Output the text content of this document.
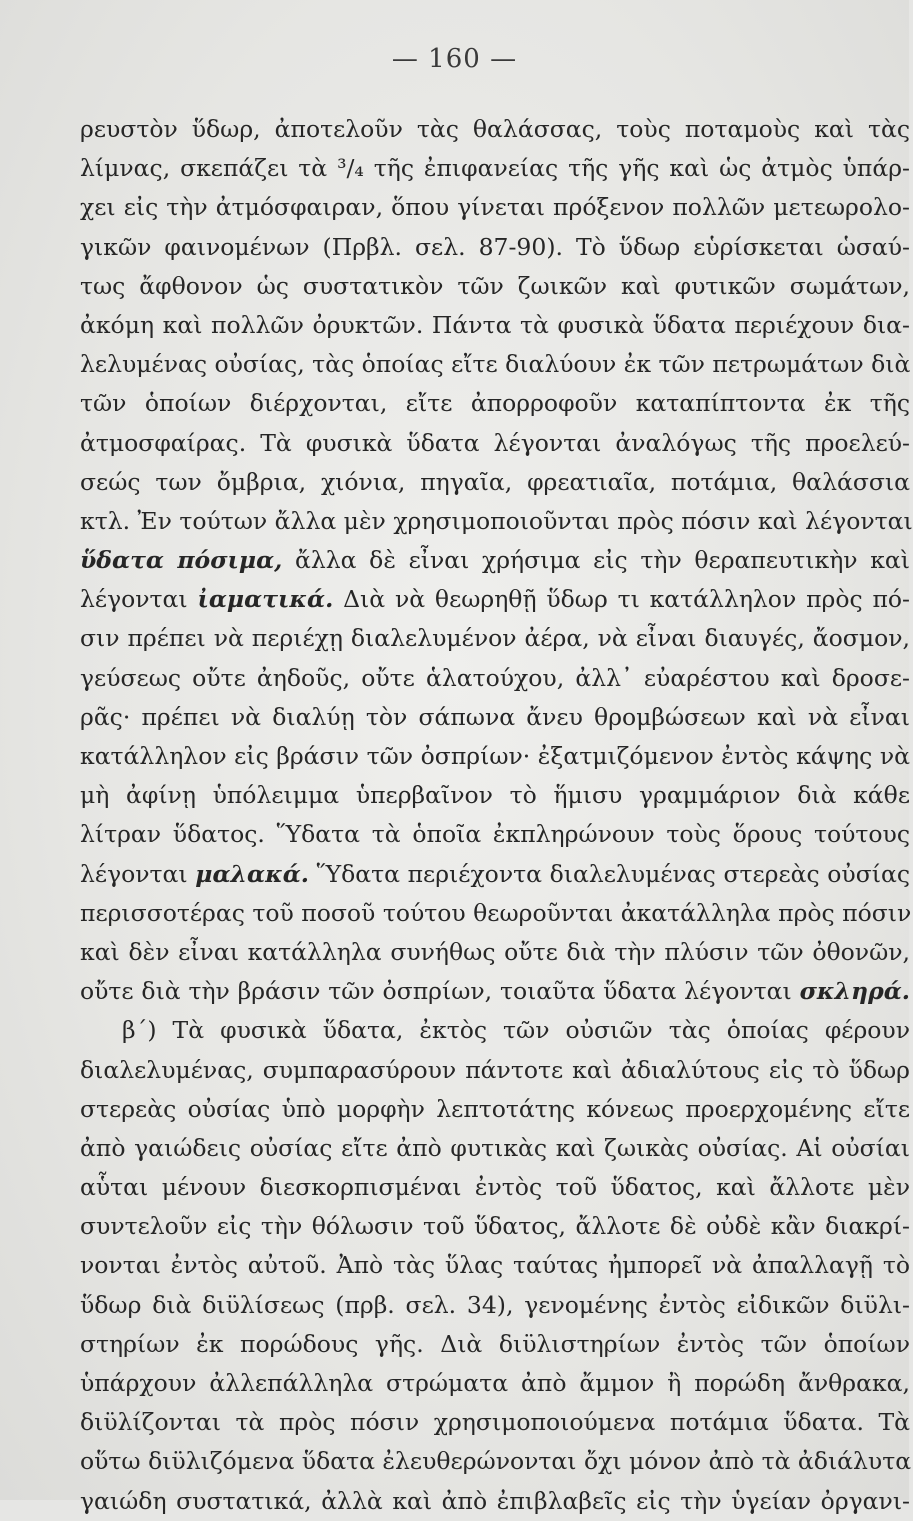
— 160 —
ρευστὸν ὕδωρ, ἀποτελοῦν τὰς θαλάσσας, τοὺς ποταμοὺς καὶ τὰς
λίμνας, σκεπάζει τὰ ³/₄ τῆς ἐπιφανείας τῆς γῆς καὶ ὡς ἀτμὸς ὑπάρ-
χει εἰς τὴν ἀτμόσφαιραν, ὅπου γίνεται πρόξενον πολλῶν μετεωρολο-
γικῶν φαινομένων (Πρβλ. σελ. 87-90). Τὸ ὕδωρ εὑρίσκεται ὡσαύ-
τως ἄφθονον ὡς συστατικὸν τῶν ζωικῶν καὶ φυτικῶν σωμάτων,
ἀκόμη καὶ πολλῶν ὀρυκτῶν. Πάντα τὰ φυσικὰ ὕδατα περιέχουν δια-
λελυμένας οὐσίας, τὰς ὁποίας εἴτε διαλύουν ἐκ τῶν πετρωμάτων διὰ
τῶν ὁποίων διέρχονται, εἴτε ἀπορροφοῦν καταπίπτοντα ἐκ τῆς
ἀτμοσφαίρας. Τὰ φυσικὰ ὕδατα λέγονται ἀναλόγως τῆς προελεύ-
σεώς των ὄμβρια, χιόνια, πηγαῖα, φρεατιαῖα, ποτάμια, θαλάσσια
κτλ. Ἐν τούτων ἄλλα μὲν χρησιμοποιοῦνται πρὸς πόσιν καὶ λέγονται
ὕδατα πόσιμα, ἄλλα δὲ εἶναι χρήσιμα εἰς τὴν θεραπευτικὴν καὶ
λέγονται ἰαματικά. Διὰ νὰ θεωρηθῇ ὕδωρ τι κατάλληλον πρὸς πό-
σιν πρέπει νὰ περιέχῃ διαλελυμένον ἀέρα, νὰ εἶναι διαυγές, ἄοσμον,
γεύσεως οὔτε ἀηδοῦς, οὔτε ἁλατούχου, ἀλλ᾽ εὐαρέστου καὶ δροσε-
ρᾶς· πρέπει νὰ διαλύῃ τὸν σάπωνα ἄνευ θρομβώσεων καὶ νὰ εἶναι
κατάλληλον εἰς βράσιν τῶν ὀσπρίων· ἐξατμιζόμενον ἐντὸς κάψης νὰ
μὴ ἀφίνῃ ὑπόλειμμα ὑπερβαῖνον τὸ ἥμισυ γραμμάριον διὰ κάθε
λίτραν ὕδατος. Ὕδατα τὰ ὁποῖα ἐκπληρώνουν τοὺς ὅρους τούτους
λέγονται μαλακά. Ὕδατα περιέχοντα διαλελυμένας στερεὰς οὐσίας
περισσοτέρας τοῦ ποσοῦ τούτου θεωροῦνται ἀκατάλληλα πρὸς πόσιν
καὶ δὲν εἶναι κατάλληλα συνήθως οὔτε διὰ τὴν πλύσιν τῶν ὀθονῶν,
οὔτε διὰ τὴν βράσιν τῶν ὀσπρίων, τοιαῦτα ὕδατα λέγονται σκληρά.
β΄) Τὰ φυσικὰ ὕδατα, ἐκτὸς τῶν οὐσιῶν τὰς ὁποίας φέρουν
διαλελυμένας, συμπαρασύρουν πάντοτε καὶ ἀδιαλύτους εἰς τὸ ὕδωρ
στερεὰς οὐσίας ὑπὸ μορφὴν λεπτοτάτης κόνεως προερχομένης εἴτε
ἀπὸ γαιώδεις οὐσίας εἴτε ἀπὸ φυτικὰς καὶ ζωικὰς οὐσίας. Αἱ οὐσίαι
αὗται μένουν διεσκορπισμέναι ἐντὸς τοῦ ὕδατος, καὶ ἄλλοτε μὲν
συντελοῦν εἰς τὴν θόλωσιν τοῦ ὕδατος, ἄλλοτε δὲ οὐδὲ κἂν διακρί-
νονται ἐντὸς αὐτοῦ. Ἀπὸ τὰς ὕλας ταύτας ἠμπορεῖ νὰ ἀπαλλαγῇ τὸ
ὕδωρ διὰ διϋλίσεως (πρβ. σελ. 34), γενομένης ἐντὸς εἰδικῶν διϋλι-
στηρίων ἐκ πορώδους γῆς. Διὰ διϋλιστηρίων ἐντὸς τῶν ὁποίων
ὑπάρχουν ἀλλεπάλληλα στρώματα ἀπὸ ἄμμον ἢ πορώδη ἄνθρακα,
διϋλίζονται τὰ πρὸς πόσιν χρησιμοποιούμενα ποτάμια ὕδατα. Τὰ
οὕτω διϋλιζόμενα ὕδατα ἐλευθερώνονται ὄχι μόνον ἀπὸ τὰ ἀδιάλυτα
γαιώδη συστατικά, ἀλλὰ καὶ ἀπὸ ἐπιβλαβεῖς εἰς τὴν ὑγείαν ὀργανι-
